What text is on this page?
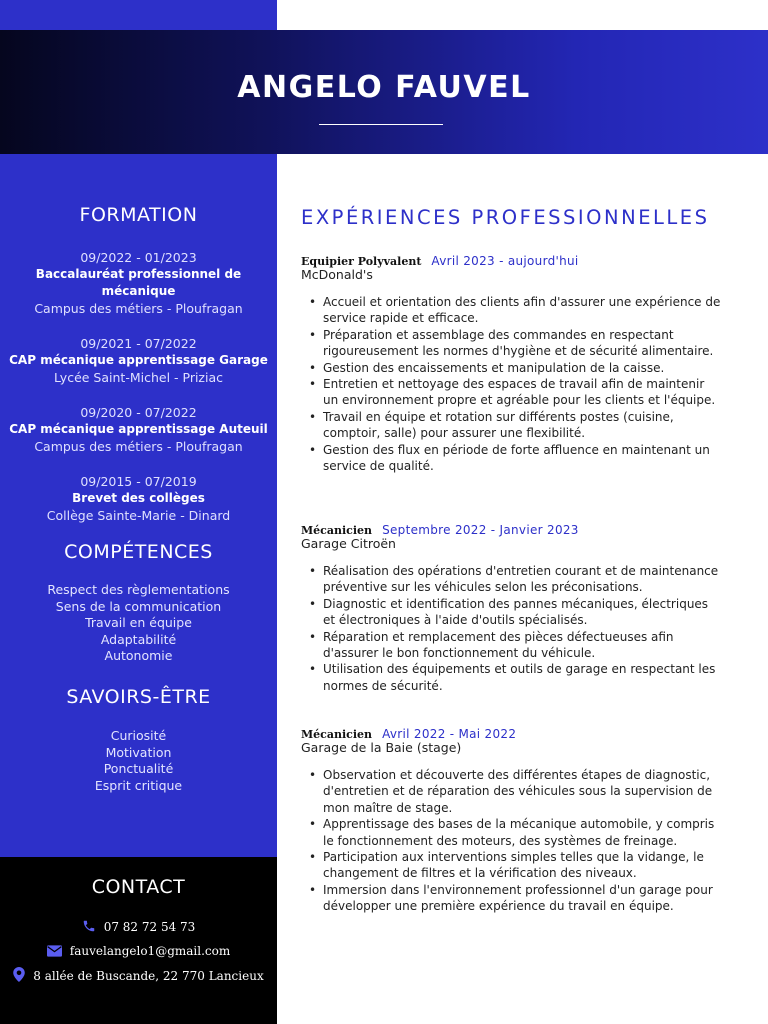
ANGELO FAUVEL
FORMATION
09/2022 - 01/2023
Baccalauréat professionnel de mécanique
Campus des métiers - Ploufragan
09/2021 - 07/2022
CAP mécanique apprentissage Garage
Lycée Saint-Michel - Priziac
09/2020 - 07/2022
CAP mécanique apprentissage Auteuil
Campus des métiers - Ploufragan
09/2015 - 07/2019
Brevet des collèges
Collège Sainte-Marie - Dinard
COMPÉTENCES
Respect des règlementations
Sens de la communication
Travail en équipe
Adaptabilité
Autonomie
SAVOIRS-ÊTRE
Curiosité
Motivation
Ponctualité
Esprit critique
CONTACT
07 82 72 54 73
fauvelangelo1@gmail.com
8 allée de Buscande, 22 770 Lancieux
EXPÉRIENCES PROFESSIONNELLES
Equipier Polyvalent Avril 2023 - aujourd'hui
McDonald's
• Accueil et orientation des clients afin d'assurer une expérience de service rapide et efficace.
• Préparation et assemblage des commandes en respectant rigoureusement les normes d'hygiène et de sécurité alimentaire.
• Gestion des encaissements et manipulation de la caisse.
• Entretien et nettoyage des espaces de travail afin de maintenir un environnement propre et agréable pour les clients et l'équipe.
• Travail en équipe et rotation sur différents postes (cuisine, comptoir, salle) pour assurer une flexibilité.
• Gestion des flux en période de forte affluence en maintenant un service de qualité.
Mécanicien Septembre 2022 - Janvier 2023
Garage Citroën
• Réalisation des opérations d'entretien courant et de maintenance préventive sur les véhicules selon les préconisations.
• Diagnostic et identification des pannes mécaniques, électriques et électroniques à l'aide d'outils spécialisés.
• Réparation et remplacement des pièces défectueuses afin d'assurer le bon fonctionnement du véhicule.
• Utilisation des équipements et outils de garage en respectant les normes de sécurité.
Mécanicien Avril 2022 - Mai 2022
Garage de la Baie (stage)
• Observation et découverte des différentes étapes de diagnostic, d'entretien et de réparation des véhicules sous la supervision de mon maître de stage.
• Apprentissage des bases de la mécanique automobile, y compris le fonctionnement des moteurs, des systèmes de freinage.
• Participation aux interventions simples telles que la vidange, le changement de filtres et la vérification des niveaux.
• Immersion dans l'environnement professionnel d'un garage pour développer une première expérience du travail en équipe.
